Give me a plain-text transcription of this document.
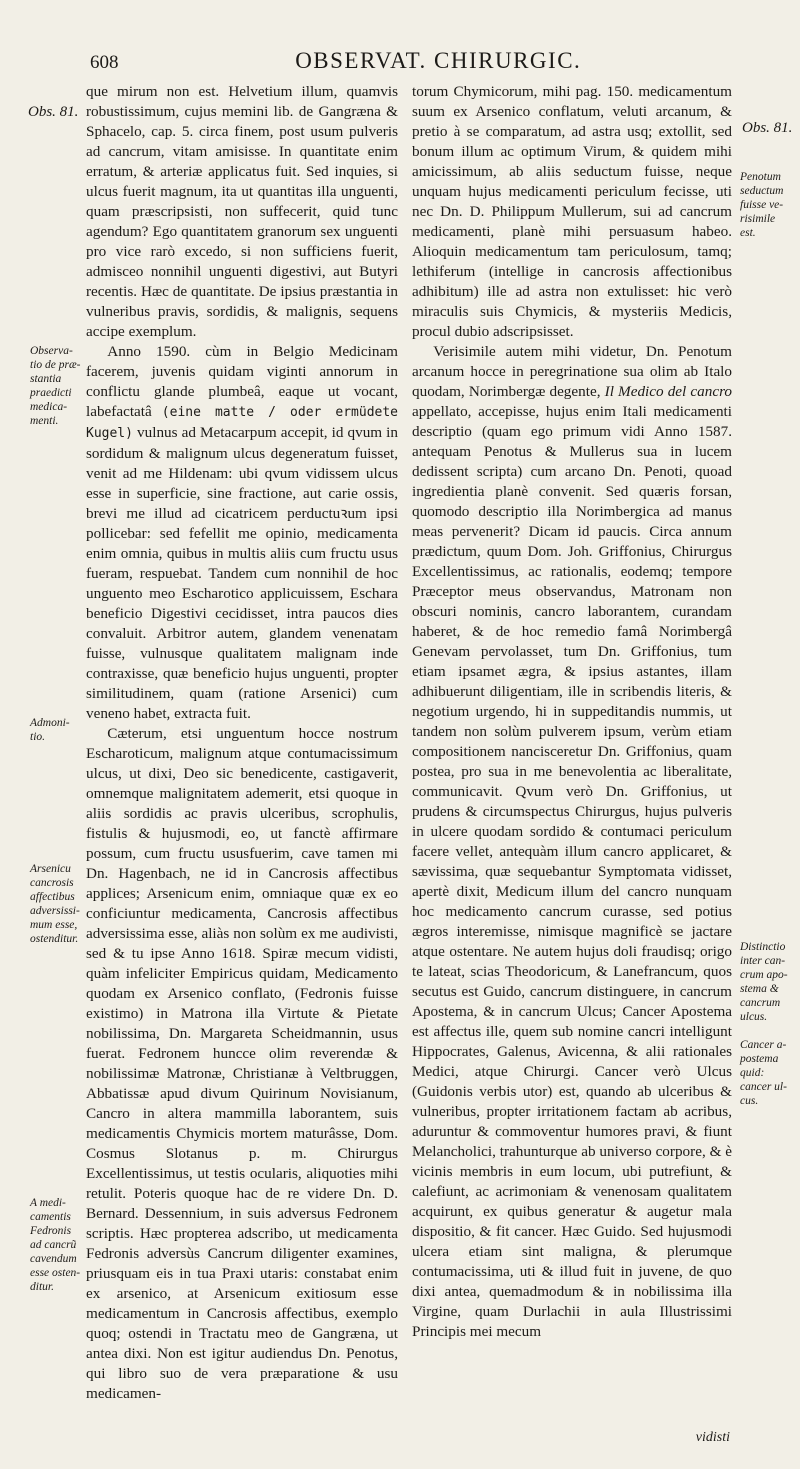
608	OBSERVAT. CHIRURGIC.
Obs. 81.
Obs. 81.
Observa-
tio de præ-
stantia
praedicti
medica-
menti.
Admoni-
tio.
Arsenicu
cancrosis
affectibus
adversissi-
mum esse,
ostenditur.
A medi-
camentis
Fedronis
ad cancrũ
cavendum
esse osten-
ditur.
Penotum
seductum
fuisse ve-
risimile
est.
Distinctio
inter can-
crum apo-
stema &
cancrum
ulcus.
Cancer a-
postema
quid:
cancer ul-
cus.

que mirum non est. Helvetium illum, quamvis robustissimum, cujus memini lib. de Gangræna & Sphacelo, cap. 5. circa finem, post usum pulveris ad cancrum, vitam amisisse. In quantitate enim erratum, & arteriæ applicatus fuit. Sed inquies, si ulcus fuerit magnum, ita ut quantitas illa unguenti, quam præscripsisti, non suffecerit, quid tunc agendum? Ego quantitatem granorum sex unguenti pro vice rarò excedo, si non sufficiens fuerit, admisceo nonnihil unguenti digestivi, aut Butyri recentis. Hæc de quantitate. De ipsius præstantia in vulneribus pravis, sordidis, & malignis, sequens accipe exemplum.

Anno 1590. cùm in Belgio Medicinam facerem, juvenis quidam viginti annorum in conflictu glande plumbeâ, eaque ut vocant, labefactatâ (eine matte / oder ermüdete Kugel) vulnus ad Metacarpum accepit, id qvum in sordidum & malignum ulcus degeneratum fuisset, venit ad me Hildenam: ubi qvum vidissem ulcus esse in superficie, sine fractione, aut carie ossis, brevi me illud ad cicatricem perductuꝛum ipsi pollicebar: sed fefellit me opinio, medicamenta enim omnia, quibus in multis aliis cum fructu usus fueram, respuebat. Tandem cum nonnihil de hoc unguento meo Escharotico applicuissem, Eschara beneficio Digestivi cecidisset, intra paucos dies convaluit. Arbitror autem, glandem venenatam fuisse, vulnusque qualitatem malignam inde contraxisse, quæ beneficio hujus unguenti, propter similitudinem, quam (ratione Arsenici) cum veneno habet, extracta fuit.

Cæterum, etsi unguentum hocce nostrum Escharoticum, malignum atque contumacissimum ulcus, ut dixi, Deo sic benedicente, castigaverit, omnemque malignitatem ademerit, etsi quoque in aliis sordidis ac pravis ulceribus, scrophulis, fistulis & hujusmodi, eo, ut fanctè affirmare possum, cum fructu ususfuerim, cave tamen mi Dn. Hagenbach, ne id in Cancrosis affectibus applices; Arsenicum enim, omniaque quæ ex eo conficiuntur medicamenta, Cancrosis affectibus adversissima esse, aliàs non solùm ex me audivisti, sed & tu ipse Anno 1618. Spiræ mecum vidisti, quàm infeliciter Empiricus quidam, Medicamento quodam ex Arsenico conflato, (Fedronis fuisse existimo) in Matrona illa Virtute & Pietate nobilissima, Dn. Margareta Scheidmannin, usus fuerat. Fedronem huncce olim reverendæ & nobilissimæ Matronæ, Christianæ à Veltbruggen, Abbatissæ apud divum Quirinum Novisianum, Cancro in altera mammilla laborantem, suis medicamentis Chymicis mortem maturâsse, Dom. Cosmus Slotanus p. m. Chirurgus Excellentissimus, ut testis ocularis, aliquoties mihi retulit. Poteris quoque hac de re videre Dn. D. Bernard. Dessennium, in suis adversus Fedronem scriptis. Hæc propterea adscribo, ut medicamenta Fedronis adversùs Cancrum diligenter examines, priusquam eis in tua Praxi utaris: constabat enim ex arsenico, at Arsenicum exitiosum esse medicamentum in Cancrosis affectibus, exemplo quoq; ostendi in Tractatu meo de Gangræna, ut antea dixi. Non est igitur audiendus Dn. Penotus, qui libro suo de vera præparatione & usu medicamen-

torum Chymicorum, mihi pag. 150. medicamentum suum ex Arsenico conflatum, veluti arcanum, & pretio à se comparatum, ad astra usq; extollit, sed bonum illum ac optimum Virum, & quidem mihi amicissimum, ab aliis seductum fuisse, neque unquam hujus medicamenti periculum fecisse, uti nec Dn. D. Philippum Mullerum, sui ad cancrum medicamenti, planè mihi persuasum habeo. Alioquin medicamentum tam periculosum, tamq; lethiferum (intellige in cancrosis affectionibus adhibitum) ille ad astra non extulisset: hic verò miraculis suis Chymicis, & mysteriis Medicis, procul dubio adscripsisset.

Verisimile autem mihi videtur, Dn. Penotum arcanum hocce in peregrinatione sua olim ab Italo quodam, Norimbergæ degente, Il Medico del cancro appellato, accepisse, hujus enim Itali medicamenti descriptio (quam ego primum vidi Anno 1587. antequam Penotus & Mullerus sua in lucem dedissent scripta) cum arcano Dn. Penoti, quoad ingredientia planè convenit. Sed quæris forsan, quomodo descriptio illa Norimbergica ad manus meas pervenerit? Dicam id paucis. Circa annum prædictum, quum Dom. Joh. Griffonius, Chirurgus Excellentissimus, ac rationalis, eodemq; tempore Præceptor meus observandus, Matronam non obscuri nominis, cancro laborantem, curandam haberet, & de hoc remedio famâ Norimbergâ Genevam pervolasset, tum Dn. Griffonius, tum etiam ipsamet ægra, & ipsius astantes, illam adhibuerunt diligentiam, ille in scribendis literis, & negotium urgendo, hi in suppeditandis nummis, ut tandem non solùm pulverem ipsum, verùm etiam compositionem nancisceretur Dn. Griffonius, quam postea, pro sua in me benevolentia ac liberalitate, communicavit. Qvum verò Dn. Griffonius, ut prudens & circumspectus Chirurgus, hujus pulveris in ulcere quodam sordido & contumaci periculum facere vellet, antequàm illum cancro applicaret, & sævissima, quæ sequebantur Symptomata vidisset, apertè dixit, Medicum illum del cancro nunquam hoc medicamento cancrum curasse, sed potius ægros interemisse, nimisque magnificè se jactare atque ostentare. Ne autem hujus doli fraudisq; origo te lateat, scias Theodoricum, & Lanefrancum, quos secutus est Guido, cancrum distinguere, in cancrum Apostema, & in cancrum Ulcus; Cancer Apostema est affectus ille, quem sub nomine cancri intelligunt Hippocrates, Galenus, Avicenna, & alii rationales Medici, atque Chirurgi. Cancer verò Ulcus (Guidonis verbis utor) est, quando ab ulceribus & vulneribus, propter irritationem factam ab acribus, aduruntur & commoventur humores pravi, & fiunt Melancholici, trahunturque ab universo corpore, & è vicinis membris in eum locum, ubi putrefiunt, & calefiunt, ac acrimoniam & venenosam qualitatem acquirunt, ex quibus generatur & augetur mala dispositio, & fit cancer. Hæc Guido. Sed hujusmodi ulcera etiam sint maligna, & plerumque contumacissima, uti & illud fuit in juvene, de quo dixi antea, quemadmodum & in nobilissima illa Virgine, quam Durlachii in aula Illustrissimi Principis mei mecum

vidisti
